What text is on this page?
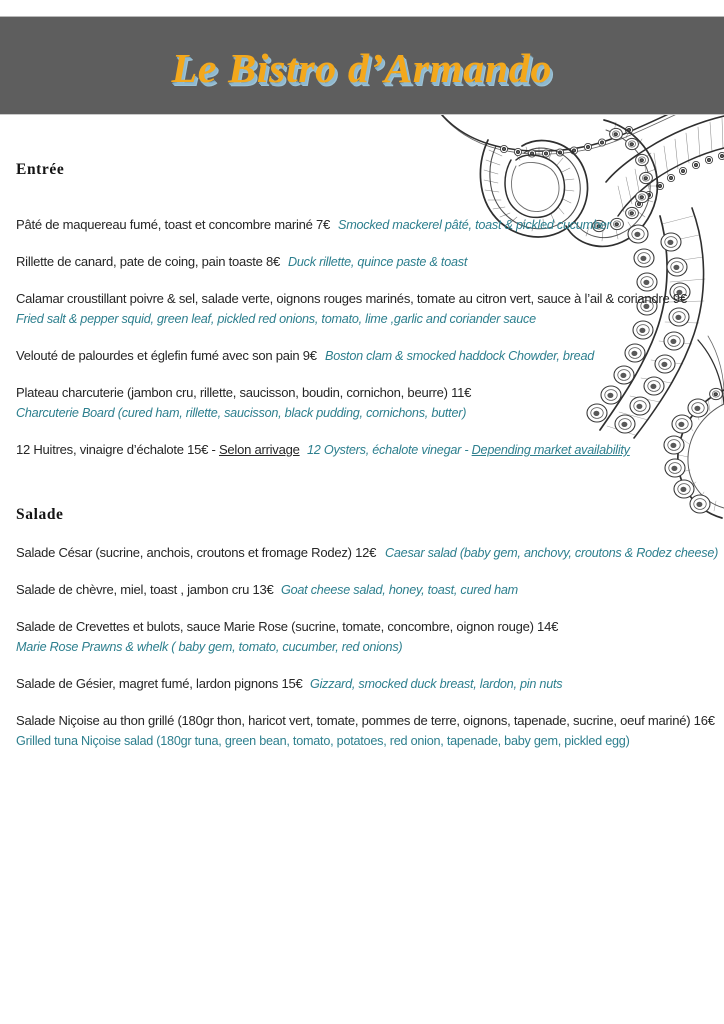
Le Bistro d’Armando
Entrée
Pâté de maquereau fumé, toast et concombre mariné 7€ Smocked mackerel pâté, toast & pickled cucumber
Rillette de canard, pate de coing, pain toaste 8€ Duck rillette, quince paste & toast
Calamar croustillant poivre & sel, salade verte, oignons rouges marinés, tomate au citron vert, sauce à l’ail & coriandre 9€ Fried salt & pepper squid, green leaf, pickled red onions, tomato, lime ,garlic and coriander sauce
Velouté de palourdes et églefin fumé avec son pain 9€ Boston clam & smocked haddock Chowder, bread
Plateau charcuterie (jambon cru, rillette, saucisson, boudin, cornichon, beurre) 11€ Charcuterie Board (cured ham, rillette, saucisson, black pudding, cornichons, butter)
12 Huitres, vinaigre d’échalote 15€ - Selon arrivage 12 Oysters, échalote vinegar - Depending market availability
Salade
Salade César (sucrine, anchois, croutons et fromage Rodez) 12€ Caesar salad (baby gem, anchovy, croutons & Rodez cheese)
Salade de chèvre, miel, toast , jambon cru 13€ Goat cheese salad, honey, toast, cured ham
Salade de Crevettes et bulots, sauce Marie Rose (sucrine, tomate, concombre, oignon rouge) 14€ Marie Rose Prawns & whelk ( baby gem, tomato, cucumber, red onions)
Salade de Gésier, magret fumé, lardon pignons 15€ Gizzard, smocked duck breast, lardon, pin nuts
Salade Niçoise au thon grillé (180gr thon, haricot vert, tomate, pommes de terre, oignons, tapenade, sucrine, oeuf mariné) 16€ Grilled tuna Niçoise salad (180gr tuna, green bean, tomato, potatoes, red onion, tapenade, baby gem, pickled egg)
